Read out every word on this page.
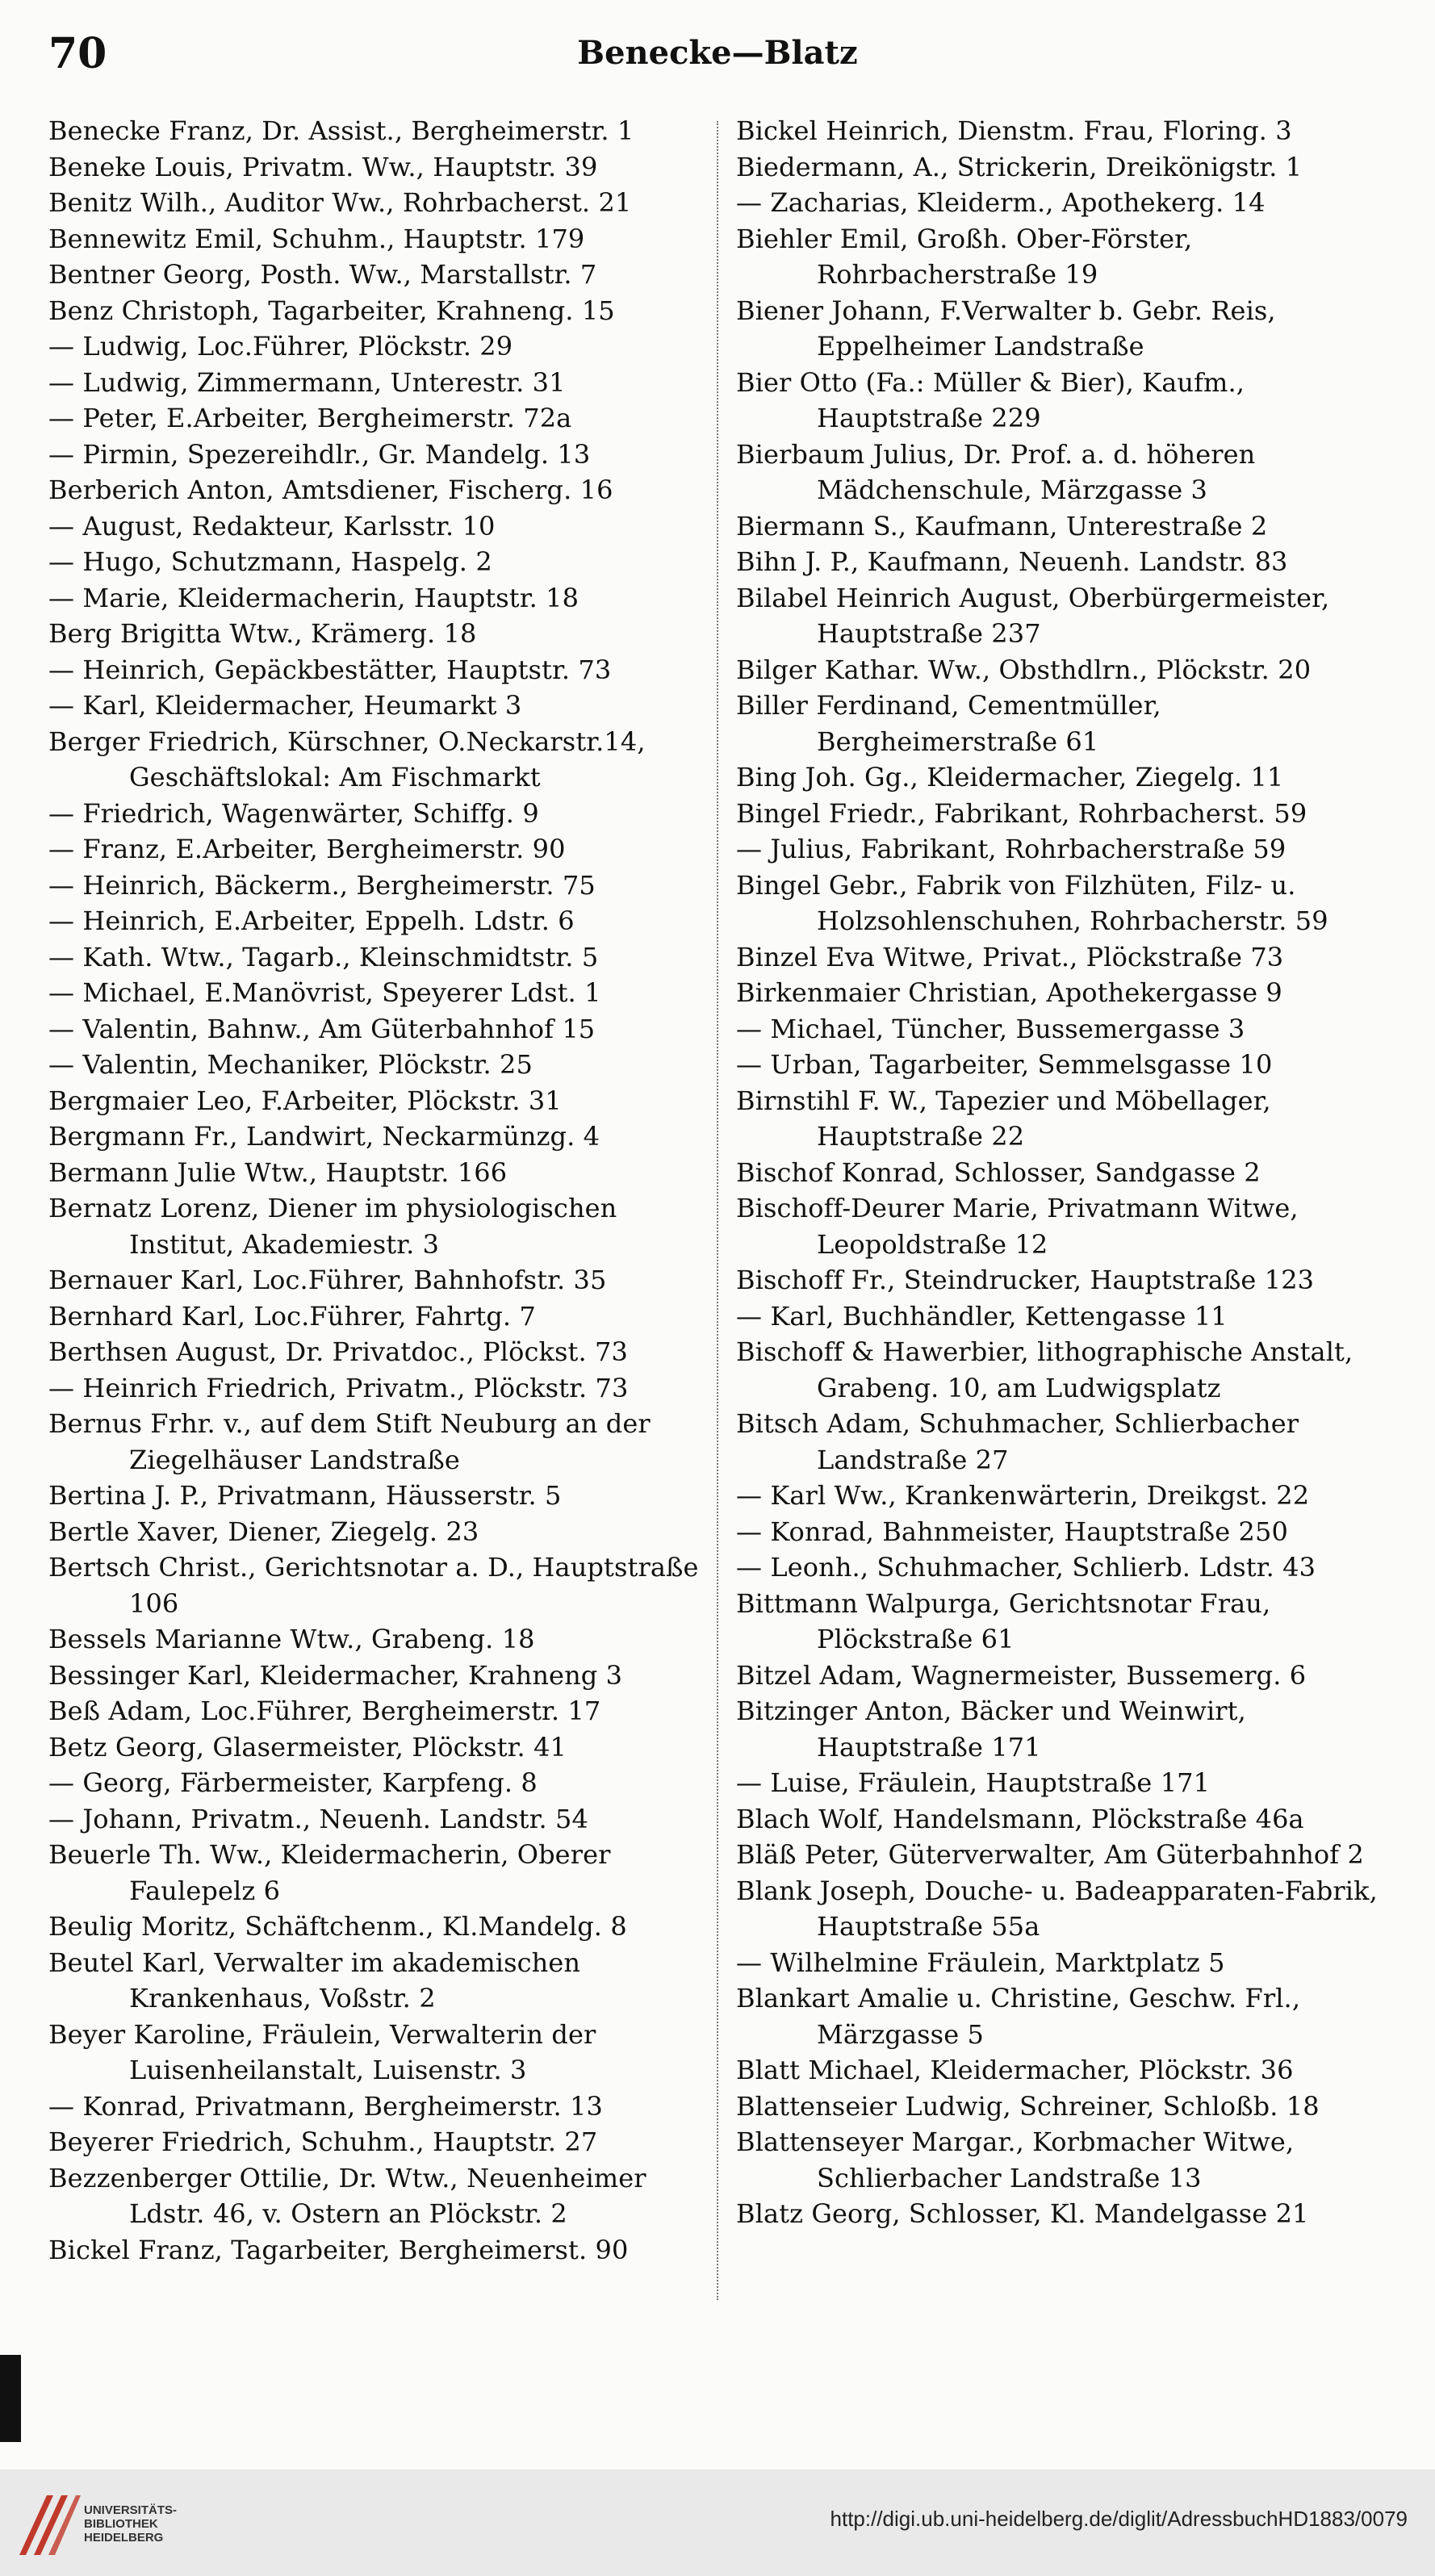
70	Benecke—Blatz
Benecke Franz, Dr. Assist., Bergheimerstr. 1
Beneke Louis, Privatm. Ww., Hauptstr. 39
Benitz Wilh., Auditor Ww., Rohrbacherst. 21
Bennewitz Emil, Schuhm., Hauptstr. 179
Bentner Georg, Posth. Ww., Marstallstr. 7
Benz Christoph, Tagarbeiter, Krahneng. 15
— Ludwig, Loc.Führer, Plöckstr. 29
— Ludwig, Zimmermann, Unterestr. 31
— Peter, E.Arbeiter, Bergheimerstr. 72a
— Pirmin, Spezereihdlr., Gr. Mandelg. 13
Berberich Anton, Amtsdiener, Fischerg. 16
— August, Redakteur, Karlsstr. 10
— Hugo, Schutzmann, Haspelg. 2
— Marie, Kleidermacherin, Hauptstr. 18
Berg Brigitta Wtw., Krämerg. 18
— Heinrich, Gepäckbestätter, Hauptstr. 73
— Karl, Kleidermacher, Heumarkt 3
Berger Friedrich, Kürschner, O.Neckarstr.14, Geschäftslokal: Am Fischmarkt
— Friedrich, Wagenwärter, Schiffg. 9
— Franz, E.Arbeiter, Bergheimerstr. 90
— Heinrich, Bäckerm., Bergheimerstr. 75
— Heinrich, E.Arbeiter, Eppelh. Ldstr. 6
— Kath. Wtw., Tagarb., Kleinschmidtstr. 5
— Michael, E.Manövrist, Speyerer Ldst. 1
— Valentin, Bahnw., Am Güterbahnhof 15
— Valentin, Mechaniker, Plöckstr. 25
Bergmaier Leo, F.Arbeiter, Plöckstr. 31
Bergmann Fr., Landwirt, Neckarmünzg. 4
Bermann Julie Wtw., Hauptstr. 166
Bernatz Lorenz, Diener im physiologischen Institut, Akademiestr. 3
Bernauer Karl, Loc.Führer, Bahnhofstr. 35
Bernhard Karl, Loc.Führer, Fahrtg. 7
Berthsen August, Dr. Privatdoc., Plöckst. 73
— Heinrich Friedrich, Privatm., Plöckstr. 73
Bernus Frhr. v., auf dem Stift Neuburg an der Ziegelhäuser Landstraße
Bertina J. P., Privatmann, Häusserstr. 5
Bertle Xaver, Diener, Ziegelg. 23
Bertsch Christ., Gerichtsnotar a. D., Hauptstraße 106
Bessels Marianne Wtw., Grabeng. 18
Bessinger Karl, Kleidermacher, Krahneng 3
Beß Adam, Loc.Führer, Bergheimerstr. 17
Betz Georg, Glasermeister, Plöckstr. 41
— Georg, Färbermeister, Karpfeng. 8
— Johann, Privatm., Neuenh. Landstr. 54
Beuerle Th. Ww., Kleidermacherin, Oberer Faulepelz 6
Beulig Moritz, Schäftchenm., Kl.Mandelg. 8
Beutel Karl, Verwalter im akademischen Krankenhaus, Voßstr. 2
Beyer Karoline, Fräulein, Verwalterin der Luisenheilanstalt, Luisenstr. 3
— Konrad, Privatmann, Bergheimerstr. 13
Beyerer Friedrich, Schuhm., Hauptstr. 27
Bezzenberger Ottilie, Dr. Wtw., Neuenheimer Ldstr. 46, v. Ostern an Plöckstr. 2
Bickel Franz, Tagarbeiter, Bergheimerst. 90
Bickel Heinrich, Dienstm. Frau, Floring. 3
Biedermann, A., Strickerin, Dreikönigstr. 1
— Zacharias, Kleiderm., Apothekerg. 14
Biehler Emil, Großh. Ober-Förster, Rohrbacherstraße 19
Biener Johann, F.Verwalter b. Gebr. Reis, Eppelheimer Landstraße
Bier Otto (Fa.: Müller & Bier), Kaufm., Hauptstraße 229
Bierbaum Julius, Dr. Prof. a. d. höheren Mädchenschule, Märzgasse 3
Biermann S., Kaufmann, Unterestraße 2
Bihn J. P., Kaufmann, Neuenh. Landstr. 83
Bilabel Heinrich August, Oberbürgermeister, Hauptstraße 237
Bilger Kathar. Ww., Obsthdlrn., Plöckstr. 20
Biller Ferdinand, Cementmüller, Bergheimerstraße 61
Bing Joh. Gg., Kleidermacher, Ziegelg. 11
Bingel Friedr., Fabrikant, Rohrbacherst. 59
— Julius, Fabrikant, Rohrbacherstraße 59
Bingel Gebr., Fabrik von Filzhüten, Filz- u. Holzsohlenschuhen, Rohrbacherstr. 59
Binzel Eva Witwe, Privat., Plöckstraße 73
Birkenmaier Christian, Apothekergasse 9
— Michael, Tüncher, Bussemergasse 3
— Urban, Tagarbeiter, Semmelsgasse 10
Birnstihl F. W., Tapezier und Möbellager, Hauptstraße 22
Bischof Konrad, Schlosser, Sandgasse 2
Bischoff-Deurer Marie, Privatmann Witwe, Leopoldstraße 12
Bischoff Fr., Steindrucker, Hauptstraße 123
— Karl, Buchhändler, Kettengasse 11
Bischoff & Hawerbier, lithographische Anstalt, Grabeng. 10, am Ludwigsplatz
Bitsch Adam, Schuhmacher, Schlierbacher Landstraße 27
— Karl Ww., Krankenwärterin, Dreikgst. 22
— Konrad, Bahnmeister, Hauptstraße 250
— Leonh., Schuhmacher, Schlierb. Ldstr. 43
Bittmann Walpurga, Gerichtsnotar Frau, Plöckstraße 61
Bitzel Adam, Wagnermeister, Bussemerg. 6
Bitzinger Anton, Bäcker und Weinwirt, Hauptstraße 171
— Luise, Fräulein, Hauptstraße 171
Blach Wolf, Handelsmann, Plöckstraße 46a
Bläß Peter, Güterverwalter, Am Güterbahnhof 2
Blank Joseph, Douche- u. Badeapparaten-Fabrik, Hauptstraße 55a
— Wilhelmine Fräulein, Marktplatz 5
Blankart Amalie u. Christine, Geschw. Frl., Märzgasse 5
Blatt Michael, Kleidermacher, Plöckstr. 36
Blattenseier Ludwig, Schreiner, Schloßb. 18
Blattenseyer Margar., Korbmacher Witwe, Schlierbacher Landstraße 13
Blatz Georg, Schlosser, Kl. Mandelgasse 21
UNIVERSITÄTS-
BIBLIOTHEK
HEIDELBERG
http://digi.ub.uni-heidelberg.de/diglit/AdressbuchHD1883/0079
